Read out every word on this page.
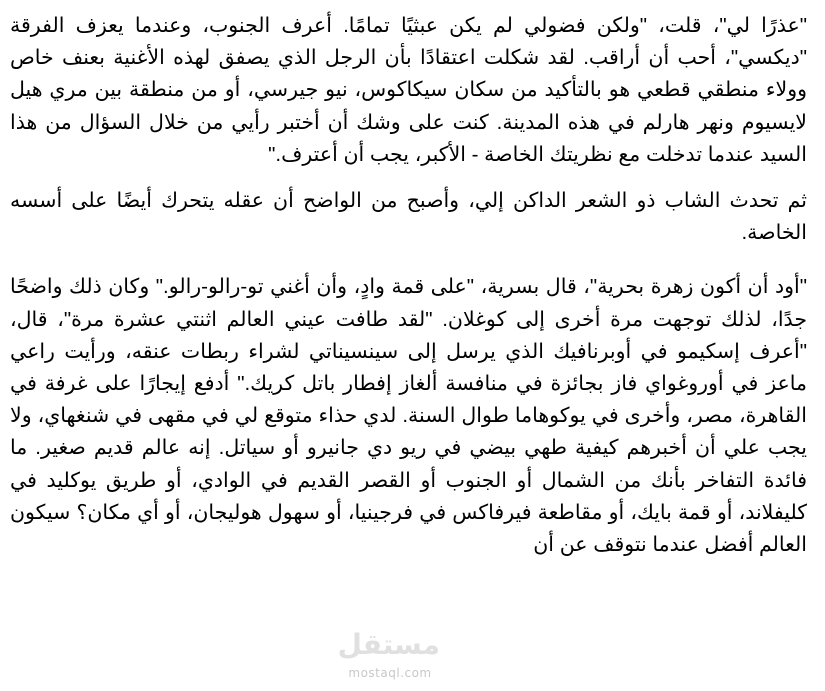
"عذرًا لي"، قلت، "ولكن فضولي لم يكن عبثيًا تمامًا. أعرف الجنوب، وعندما يعزف الفرقة "ديكسي"، أحب أن أراقب. لقد شكلت اعتقادًا بأن الرجل الذي يصفق لهذه الأغنية بعنف خاص وولاء منطقي قطعي هو بالتأكيد من سكان سيكاكوس، نيو جيرسي، أو من منطقة بين مري هيل لايسيوم ونهر هارلم في هذه المدينة. كنت على وشك أن أختبر رأيي من خلال السؤال من هذا السيد عندما تدخلت مع نظريتك الخاصة - الأكبر، يجب أن أعترف."

ثم تحدث الشاب ذو الشعر الداكن إلي، وأصبح من الواضح أن عقله يتحرك أيضًا على أسسه الخاصة.

"أود أن أكون زهرة بحرية"، قال بسرية، "على قمة وادٍ، وأن أغني تو-رالو-رالو." وكان ذلك واضحًا جدًا، لذلك توجهت مرة أخرى إلى كوغلان. "لقد طافت عيني العالم اثنتي عشرة مرة"، قال، "أعرف إسكيمو في أوبرنافيك الذي يرسل إلى سينسيناتي لشراء ربطات عنقه، ورأيت راعي ماعز في أوروغواي فاز بجائزة في منافسة ألغاز إفطار باتل كريك." أدفع إيجارًا على غرفة في القاهرة، مصر، وأخرى في يوكوهاما طوال السنة. لدي حذاء متوقع لي في مقهى في شنغهاي، ولا يجب علي أن أخبرهم كيفية طهي بيضي في ريو دي جانيرو أو سياتل. إنه عالم قديم صغير. ما فائدة التفاخر بأنك من الشمال أو الجنوب أو القصر القديم في الوادي، أو طريق يوكليد في كليفلاند، أو قمة بايك، أو مقاطعة فيرفاكس في فرجينيا، أو سهول هوليجان، أو أي مكان؟ سيكون العالم أفضل عندما نتوقف عن أن

مستقل
mostaql.com
